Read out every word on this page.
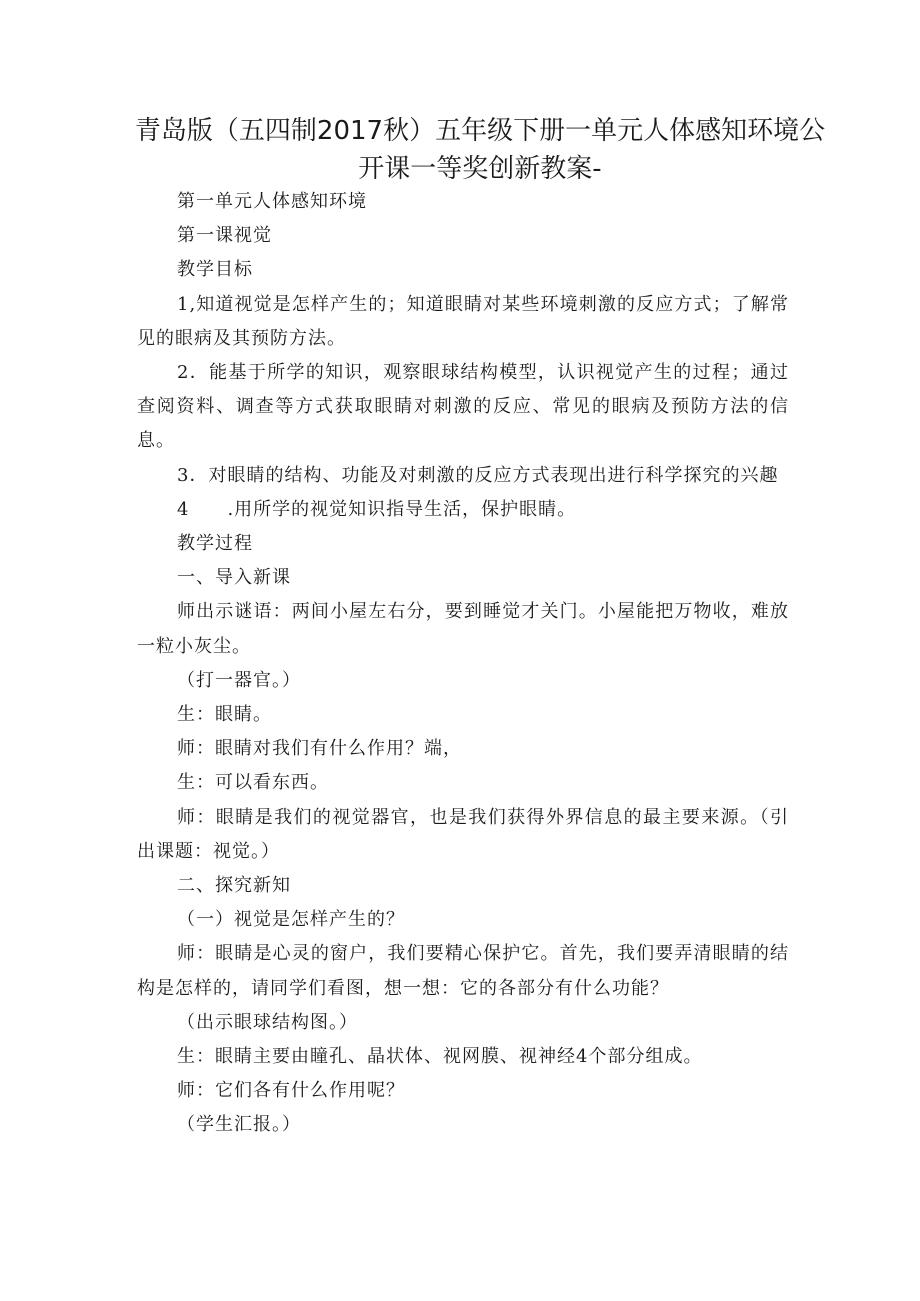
青岛版（五四制2017秋）五年级下册一单元人体感知环境公开课一等奖创新教案-

第一单元人体感知环境

第一课视觉

教学目标

1,知道视觉是怎样产生的；知道眼睛对某些环境刺激的反应方式；了解常见的眼病及其预防方法。

2．能基于所学的知识，观察眼球结构模型，认识视觉产生的过程；通过查阅资料、调查等方式获取眼睛对刺激的反应、常见的眼病及预防方法的信息。

3．对眼睛的结构、功能及对刺激的反应方式表现出进行科学探究的兴趣

4 .用所学的视觉知识指导生活，保护眼睛。

教学过程

一、导入新课

师出示谜语：两间小屋左右分，要到睡觉才关门。小屋能把万物收，难放一粒小灰尘。

（打一器官。）

生：眼睛。

师：眼睛对我们有什么作用？端，

生：可以看东西。

师：眼睛是我们的视觉器官，也是我们获得外界信息的最主要来源。（引出课题：视觉。）

二、探究新知

（一）视觉是怎样产生的？

师：眼睛是心灵的窗户，我们要精心保护它。首先，我们要弄清眼睛的结构是怎样的，请同学们看图，想一想：它的各部分有什么功能？

（出示眼球结构图。）

生：眼睛主要由瞳孔、晶状体、视网膜、视神经4个部分组成。

师：它们各有什么作用呢？

（学生汇报。）
